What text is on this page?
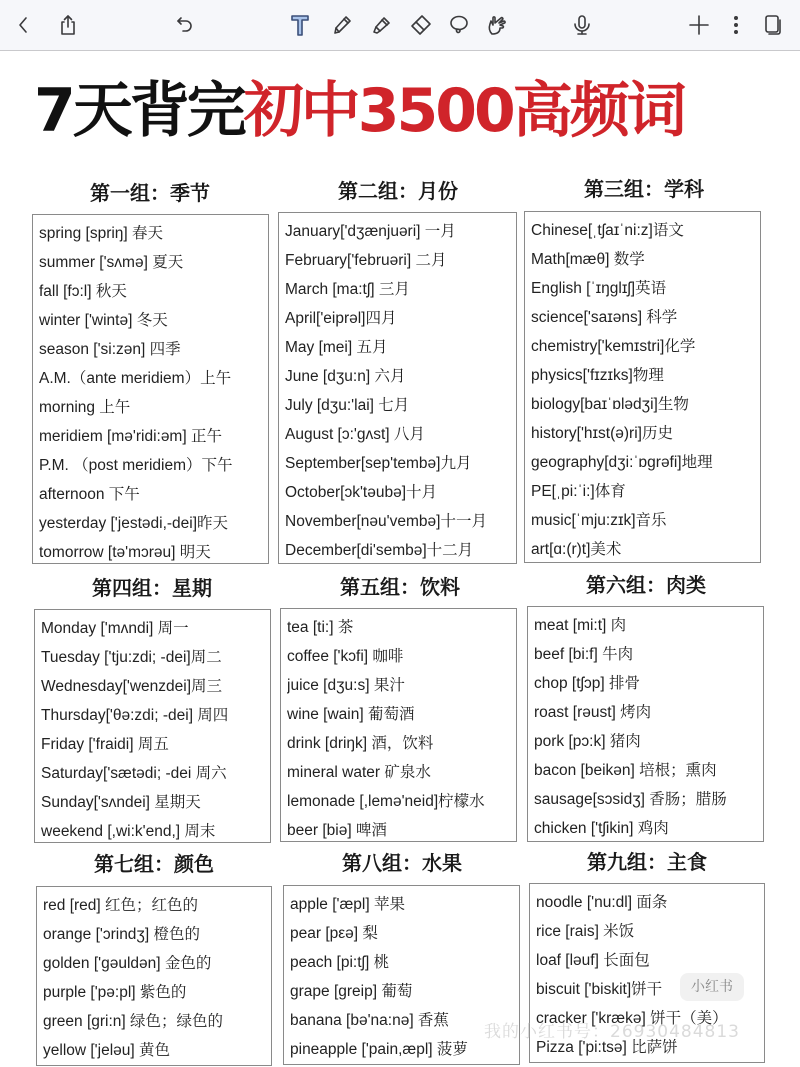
7天背完初中3500高频词
第一组：季节
spring [spriŋ] 春天
summer ['sʌmə] 夏天
fall [fɔ:l] 秋天
winter ['wintə] 冬天
season ['si:zən] 四季
A.M.（ante meridiem）上午
morning 上午
meridiem [mə'ridi:əm] 正午
P.M. （post meridiem）下午
afternoon 下午
yesterday ['jestədi,-dei]昨天
tomorrow [tə'mɔrəu] 明天
第二组：月份
January['dʒænjuəri] 一月
February['februəri] 二月
March [ma:tʃ] 三月
April['eiprəl]四月
May [mei] 五月
June [dʒu:n] 六月
July [dʒu:'lai] 七月
August [ɔ:'gʌst] 八月
September[sep'tembə]九月
October[ɔk'təubə]十月
November[nəu'vembə]十一月
December[di'sembə]十二月
第三组：学科
Chinese[ˌtʃaɪˈni:z]语文
Math[mæθ] 数学
English [ˈɪŋglɪʃ]英语
science['saɪəns] 科学
chemistry['kemɪstri]化学
physics['fɪzɪks]物理
biology[baɪˈɒlədʒi]生物
history['hɪst(ə)ri]历史
geography[dʒi:ˈɒgrəfi]地理
PE[ˌpi:ˈi:]体育
music[ˈmju:zɪk]音乐
art[ɑ:(r)t]美术
第四组：星期
Monday ['mʌndi] 周一
Tuesday ['tju:zdi; -dei]周二
Wednesday['wenzdei]周三
Thursday['θə:zdi; -dei] 周四
Friday ['fraidi] 周五
Saturday['sætədi; -dei 周六
Sunday['sʌndei] 星期天
weekend [,wi:k'end,] 周末
第五组：饮料
tea [ti:] 茶
coffee ['kɔfi] 咖啡
juice [dʒu:s] 果汁
wine [wain] 葡萄酒
drink [driŋk] 酒，饮料
mineral water 矿泉水
lemonade [,lemə'neid]柠檬水
beer [biə] 啤酒
第六组：肉类
meat [mi:t] 肉
beef [bi:f] 牛肉
chop [tʃɔp] 排骨
roast [rəust] 烤肉
pork [pɔ:k] 猪肉
bacon [beikən] 培根；熏肉
sausage[sɔsidʒ] 香肠；腊肠
chicken ['tʃikin] 鸡肉
第七组：颜色
red [red] 红色；红色的
orange ['ɔrindʒ] 橙色的
golden ['gəuldən] 金色的
purple ['pə:pl] 紫色的
green [gri:n] 绿色；绿色的
yellow ['jeləu] 黄色
第八组：水果
apple ['æpl] 苹果
pear [pεə] 梨
peach [pi:tʃ] 桃
grape [greip] 葡萄
banana [bə'na:nə] 香蕉
pineapple ['pain,æpl] 菠萝
第九组：主食
noodle ['nu:dl] 面条
rice [rais] 米饭
loaf [ləuf] 长面包
biscuit ['biskit]饼干
cracker ['krækə] 饼干（美）
Pizza ['pi:tsə] 比萨饼
小红书
我的小红书号：2693048481​3
